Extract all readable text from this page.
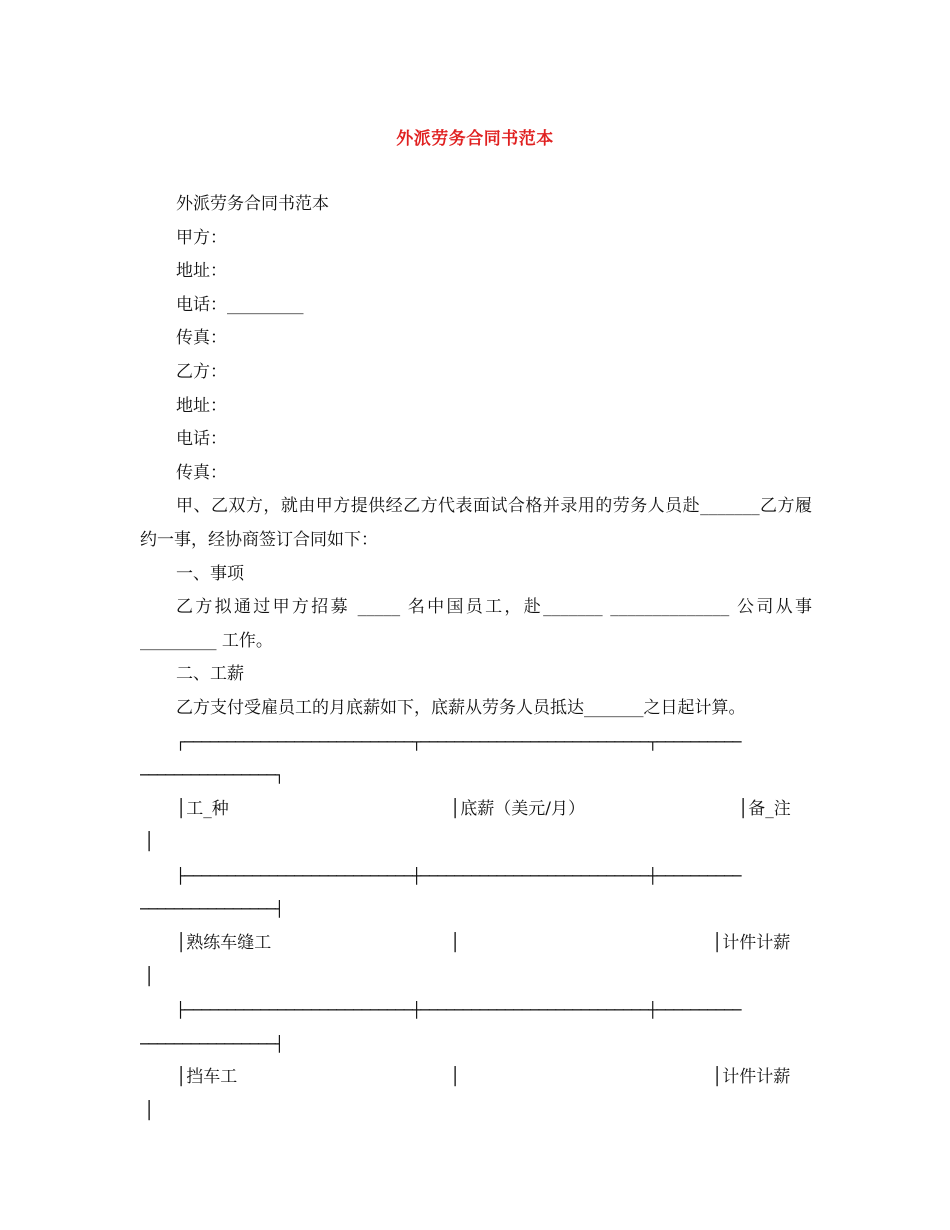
外派劳务合同书范本

外派劳务合同书范本

甲方：

地址：

电话：_________

传真：

乙方：

地址：

电话：

传真：

甲、乙双方，就由甲方提供经乙方代表面试合格并录用的劳务人员赴_______乙方履约一事，经协商签订合同如下：

一、事项

乙方拟通过甲方招募 _____ 名中国员工，赴_______ ______________ 公司从事 _________ 工作。

二、工薪

乙方支付受雇员工的月底薪如下，底薪从劳务人员抵达_______之日起计算。

┌───────────────────────────┬───────────────────────────┬──────────

────────────────┐

│工_种	│底薪（美元/月）	│备_注
│

├───────────────────────────┼───────────────────────────┼──────────

────────────────┤

│熟练车缝工	│	│计件计薪
│

├───────────────────────────┼───────────────────────────┼──────────

────────────────┤

│挡车工	│	│计件计薪
│
